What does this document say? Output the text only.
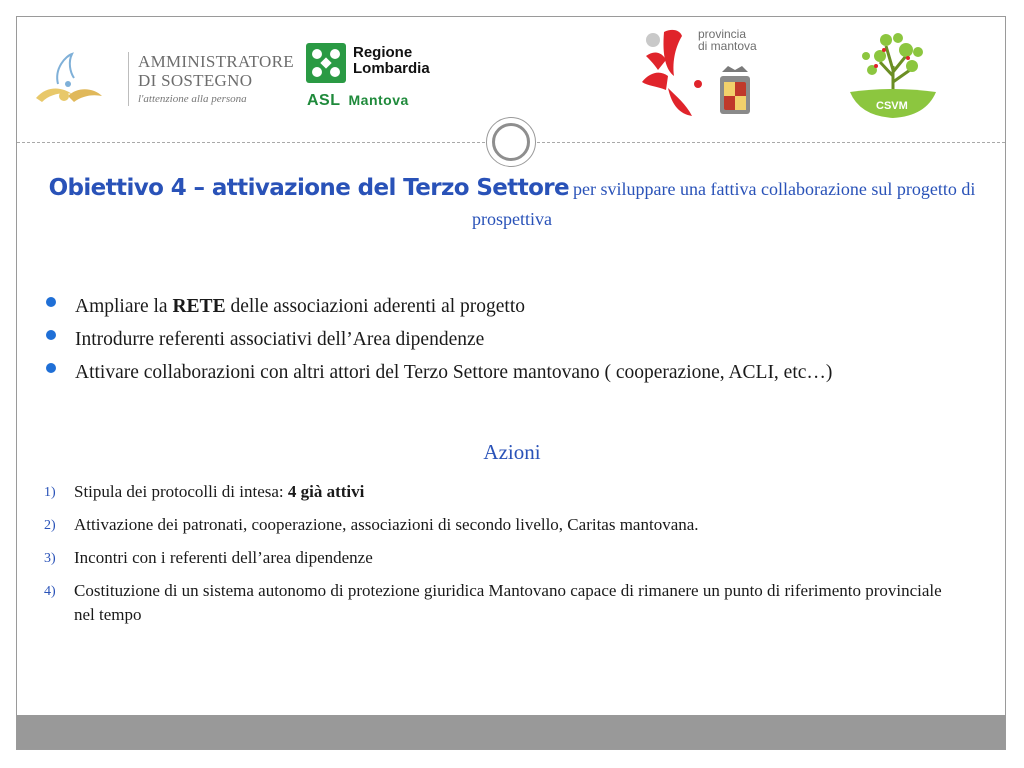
AMMINISTRATORE
DI SOSTEGNO
l'attenzione alla persona
Regione
Lombardia
ASL Mantova
provincia
di mantova
CSVM
Obiettivo 4 – attivazione del Terzo Settore per sviluppare una fattiva collaborazione sul progetto di prospettiva
Ampliare la RETE delle associazioni aderenti al progetto
Introdurre referenti associativi dell’Area dipendenze
Attivare collaborazioni con altri attori del Terzo Settore mantovano ( cooperazione, ACLI, etc…)
Azioni
1) Stipula dei protocolli di intesa: 4 già attivi
2) Attivazione dei patronati, cooperazione, associazioni di secondo livello, Caritas mantovana.
3) Incontri con i referenti dell’area dipendenze
4) Costituzione di un sistema autonomo di protezione giuridica Mantovano capace di rimanere un punto di riferimento provinciale nel tempo
